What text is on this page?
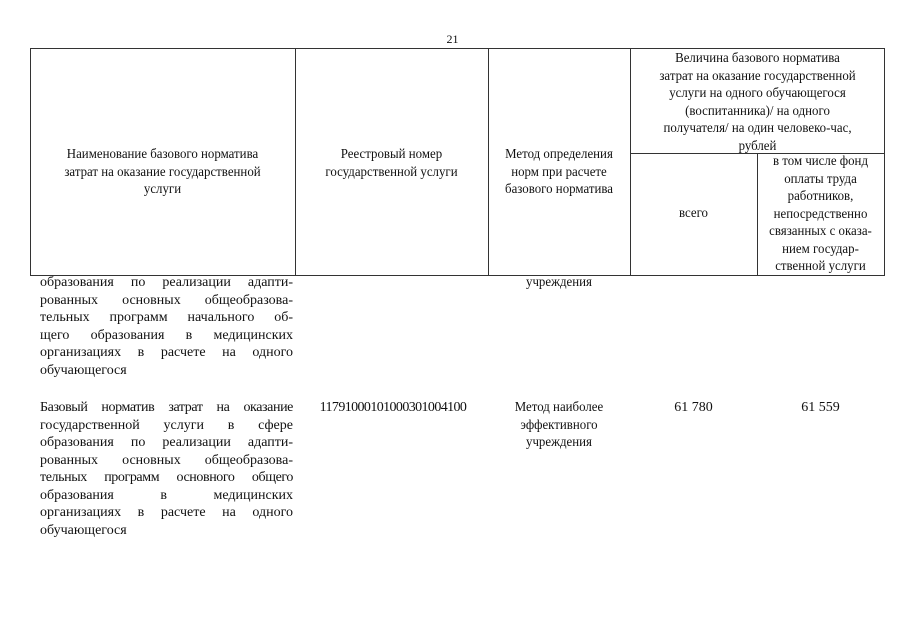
21
Наименование базового норматива
затрат на оказание государственной
услуги
Реестровый номер
государственной услуги
Метод определения
норм при расчете
базового норматива
Величина базового норматива
затрат на оказание государственной
услуги на одного обучающегося
(воспитанника)/ на одного
получателя/ на один человеко-час,
рублей
всего
в том числе фонд
оплаты труда
работников,
непосредственно
связанных с оказа-
нием государ-
ственной услуги
образования по реализации адапти-
рованных основных общеобразова-
тельных программ начального об-
щего образования в медицинских
организациях в расчете на одного
обучающегося
учреждения
Базовый норматив затрат на оказание
государственной услуги в сфере
образования по реализации адапти-
рованных основных общеобразова-
тельных программ основного общего
образования в медицинских
организациях в расчете на одного
обучающегося
11791000101000301004100	Метод наиболее
эффективного
учреждения
61 780	61 559
